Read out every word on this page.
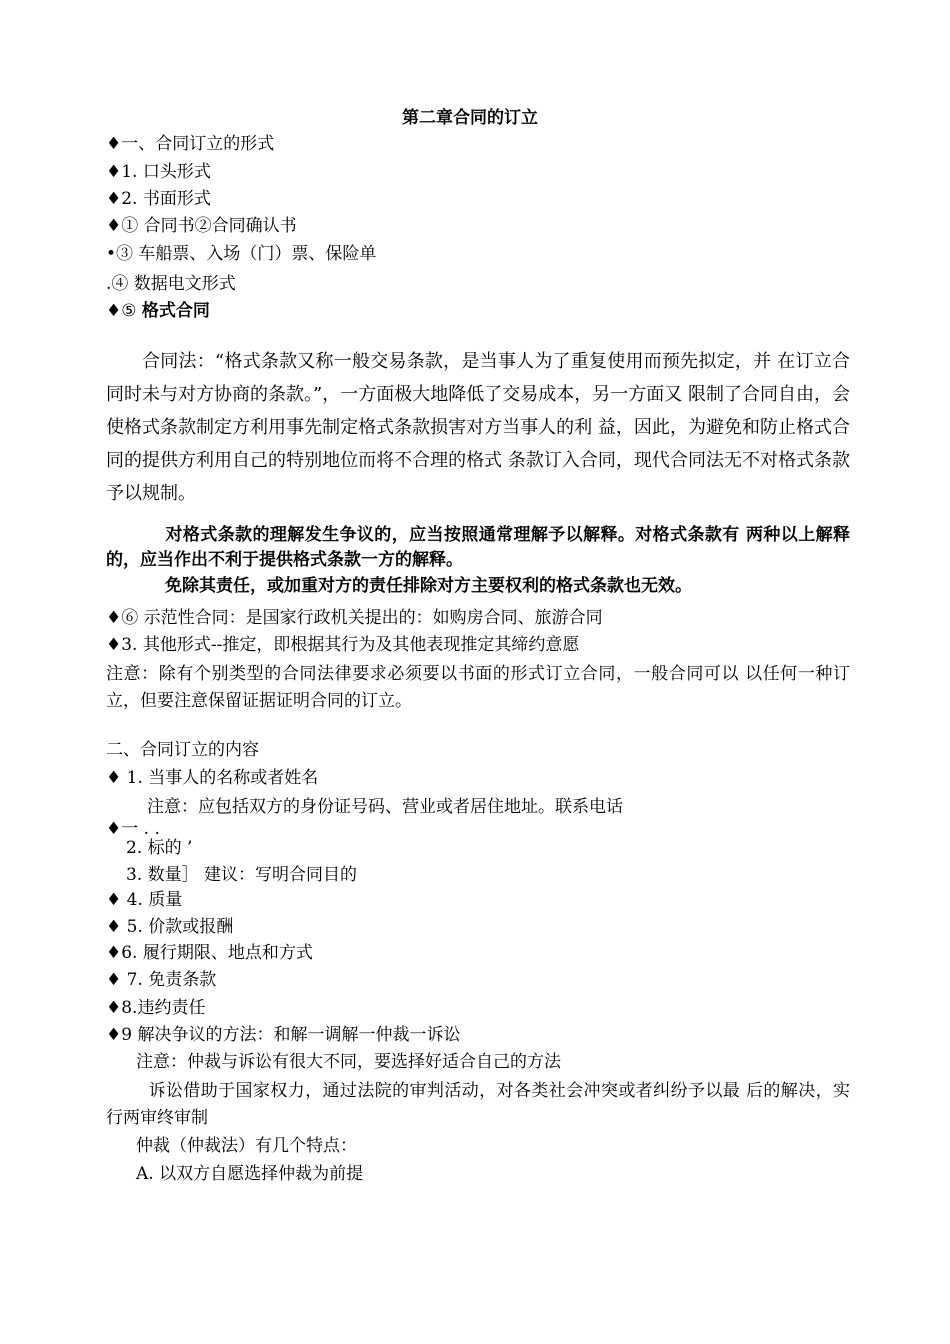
第二章合同的订立
♦一、合同订立的形式
♦1. 口头形式
♦2. 书面形式
♦① 合同书②合同确认书
•③ 车船票、入场（门）票、保险单
.④ 数据电文形式
♦⑤ 格式合同
合同法：“格式条款又称一般交易条款，是当事人为了重复使用而预先拟定，并 在订立合同时未与对方协商的条款。”，一方面极大地降低了交易成本，另一方面又 限制了合同自由，会使格式条款制定方利用事先制定格式条款损害对方当事人的利 益，因此，为避免和防止格式合同的提供方利用自己的特别地位而将不合理的格式 条款订入合同，现代合同法无不对格式条款予以规制。
对格式条款的理解发生争议的，应当按照通常理解予以解释。对格式条款有 两种以上解释的，应当作出不利于提供格式条款一方的解释。
免除其责任，或加重对方的责任排除对方主要权利的格式条款也无效。
♦⑥ 示范性合同：是国家行政机关提出的：如购房合同、旅游合同
♦3. 其他形式--推定，即根据其行为及其他表现推定其缔约意愿
注意：除有个别类型的合同法律要求必须要以书面的形式订立合同，一般合同可以 以任何一种订立，但要注意保留证据证明合同的订立。
二、合同订立的内容
♦ 1. 当事人的名称或者姓名
注意：应包括双方的身份证号码、营业或者居住地址。联系电话
♦一 . .
2. 标的 ’
3. 数量］ 建议：写明合同目的
♦ 4. 质量
♦ 5. 价款或报酬
♦6. 履行期限、地点和方式
♦ 7. 免责条款
♦8.违约责任
♦9 解决争议的方法：和解一调解一仲裁一诉讼
注意：仲裁与诉讼有很大不同，要选择好适合自己的方法
诉讼借助于国家权力，通过法院的审判活动，对各类社会冲突或者纠纷予以最 后的解决，实行两审终审制
仲裁（仲裁法）有几个特点：
A. 以双方自愿选择仲裁为前提
